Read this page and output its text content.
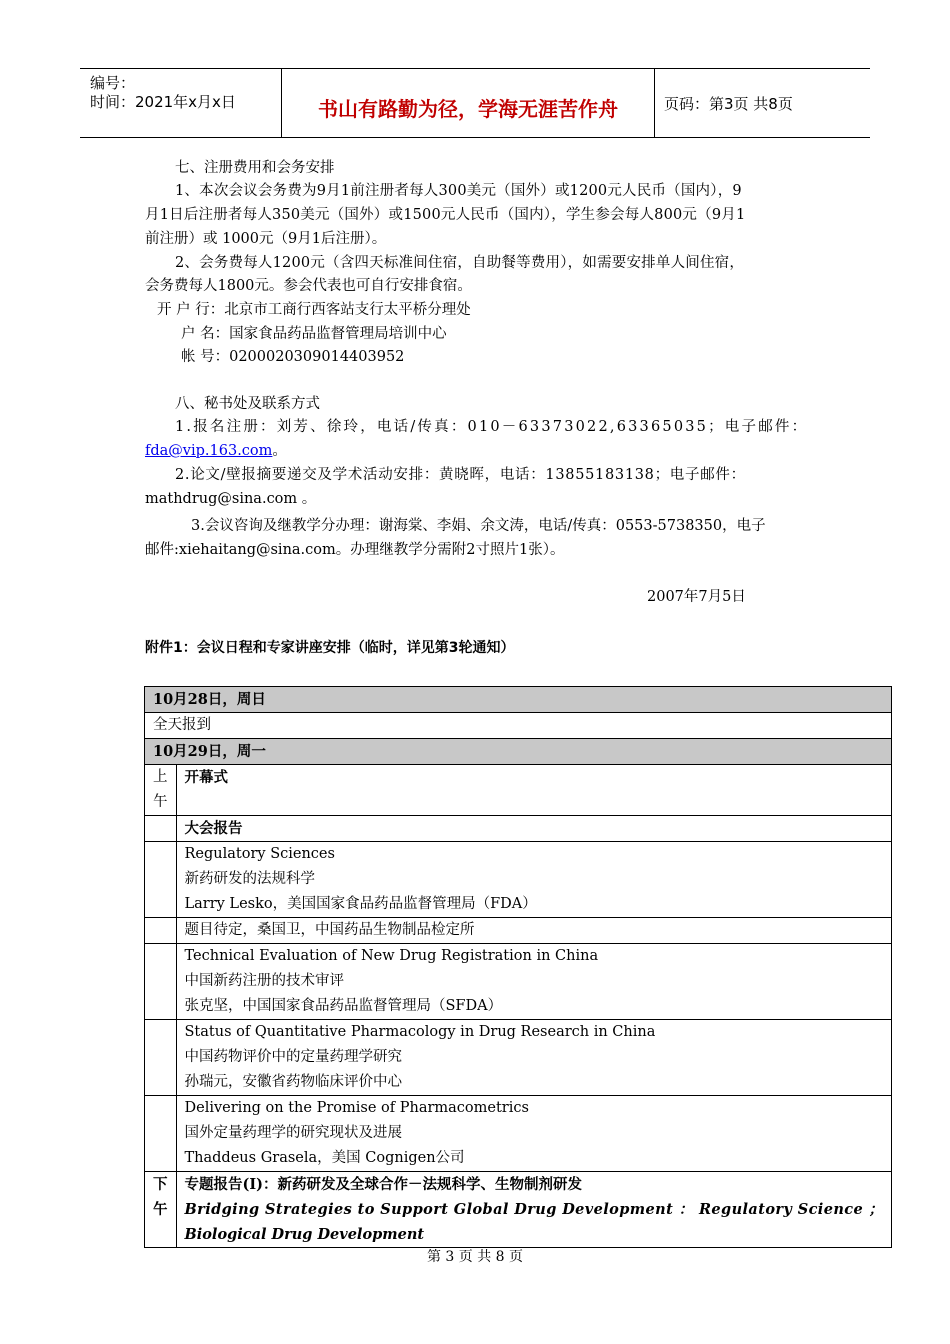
编号：
时间：2021年x月x日	书山有路勤为径，学海无涯苦作舟	页码：第3页 共8页
七、注册费用和会务安排
1、本次会议会务费为9月1前注册者每人300美元（国外）或1200元人民币（国内），9
月1日后注册者每人350美元（国外）或1500元人民币（国内），学生参会每人800元（9月1
前注册）或 1000元（9月1后注册）。
2、会务费每人1200元（含四天标准间住宿，自助餐等费用），如需要安排单人间住宿，
会务费每人1800元。参会代表也可自行安排食宿。
开 户 行：北京市工商行西客站支行太平桥分理处
户 名：国家食品药品监督管理局培训中心
帐 号：0200020309014403952
八、秘书处及联系方式
1.报名注册：刘芳、徐玲，电话/传真：010－63373022,63365035；电子邮件：
fda@vip.163.com。
2.论文/壁报摘要递交及学术活动安排：黄晓晖，电话：13855183138；电子邮件：
mathdrug@sina.com 。
3.会议咨询及继教学分办理：谢海棠、李娟、余文涛，电话/传真：0553-5738350，电子
邮件:xiehaitang@sina.com。办理继教学分需附2寸照片1张）。
2007年7月5日
附件1：会议日程和专家讲座安排（临时，详见第3轮通知）
10月28日，周日	
全天报到	
10月29日，周一	
上午	开幕式
	大会报告

	Regulatory Sciences
新药研发的法规科学
Larry Lesko，美国国家食品药品监督管理局（FDA）

	题目待定，桑国卫，中国药品生物制品检定所

	Technical Evaluation of New Drug Registration in China
中国新药注册的技术审评
张克坚，中国国家食品药品监督管理局（SFDA）

	Status of Quantitative Pharmacology in Drug Research in China
中国药物评价中的定量药理学研究
孙瑞元，安徽省药物临床评价中心

	Delivering on the Promise of Pharmacometrics
国外定量药理学的研究现状及进展
Thaddeus Grasela，美国 Cognigen公司

下午	专题报告(I)：新药研发及全球合作－法规科学、生物制剂研发
Bridging Strategies to Support Global Drug Development ： Regulatory Science ；
Biological Drug Development
第 3 页 共 8 页
